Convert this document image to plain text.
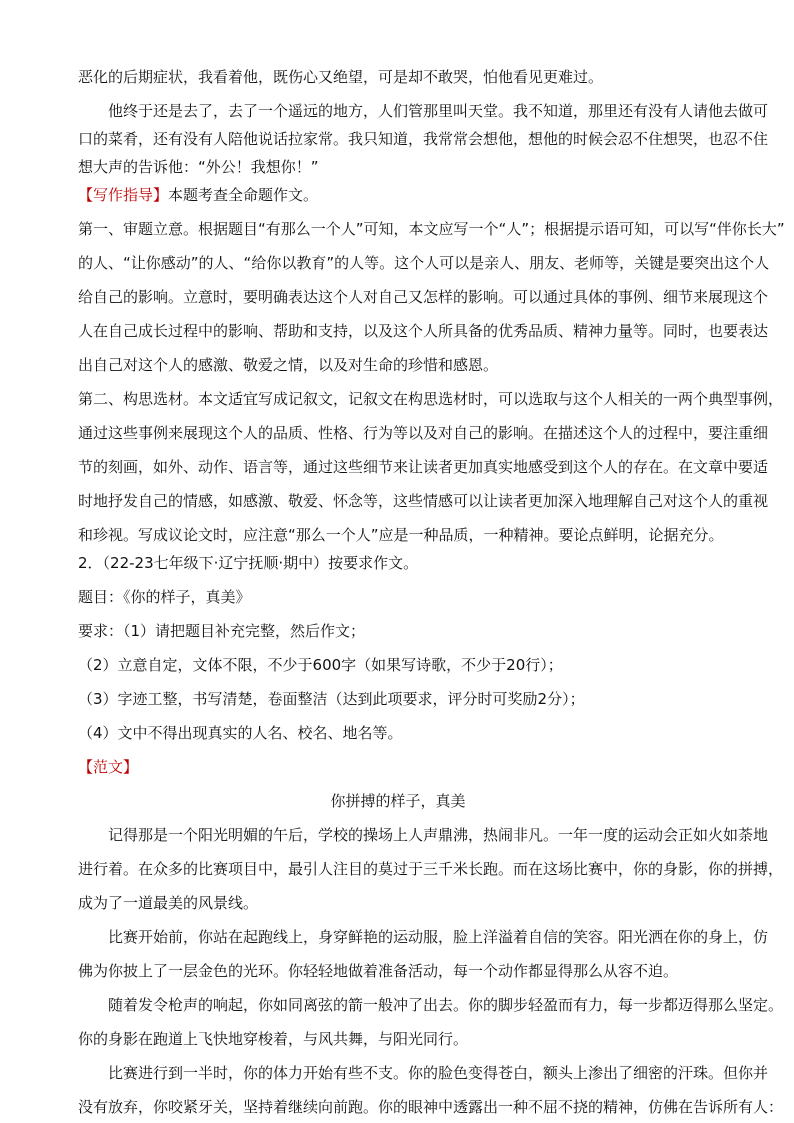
恶化的后期症状，我看着他，既伤心又绝望，可是却不敢哭，怕他看见更难过。
他终于还是去了，去了一个遥远的地方，人们管那里叫天堂。我不知道，那里还有没有人请他去做可
口的菜肴，还有没有人陪他说话拉家常。我只知道，我常常会想他，想他的时候会忍不住想哭，也忍不住
想大声的告诉他：“外公！我想你！”
【写作指导】本题考查全命题作文。
第一、审题立意。根据题目“有那么一个人”可知，本文应写一个“人”；根据提示语可知，可以写“伴你长大”
的人、“让你感动”的人、“给你以教育”的人等。这个人可以是亲人、朋友、老师等，关键是要突出这个人
给自己的影响。立意时，要明确表达这个人对自己又怎样的影响。可以通过具体的事例、细节来展现这个
人在自己成长过程中的影响、帮助和支持，以及这个人所具备的优秀品质、精神力量等。同时，也要表达
出自己对这个人的感激、敬爱之情，以及对生命的珍惜和感恩。
第二、构思选材。本文适宜写成记叙文，记叙文在构思选材时，可以选取与这个人相关的一两个典型事例，
通过这些事例来展现这个人的品质、性格、行为等以及对自己的影响。在描述这个人的过程中，要注重细
节的刻画，如外、动作、语言等，通过这些细节来让读者更加真实地感受到这个人的存在。在文章中要适
时地抒发自己的情感，如感激、敬爱、怀念等，这些情感可以让读者更加深入地理解自己对这个人的重视
和珍视。写成议论文时，应注意“那么一个人”应是一种品质，一种精神。要论点鲜明，论据充分。
2．（22-23七年级下·辽宁抚顺·期中）按要求作文。
题目：《你的样子，真美》
要求：（1）请把题目补充完整，然后作文；
（2）立意自定，文体不限，不少于600字（如果写诗歌，不少于20行）；
（3）字迹工整，书写清楚，卷面整洁（达到此项要求，评分时可奖励2分）；
（4）文中不得出现真实的人名、校名、地名等。
【范文】
你拼搏的样子，真美
记得那是一个阳光明媚的午后，学校的操场上人声鼎沸，热闹非凡。一年一度的运动会正如火如荼地
进行着。在众多的比赛项目中，最引人注目的莫过于三千米长跑。而在这场比赛中，你的身影，你的拼搏，
成为了一道最美的风景线。
比赛开始前，你站在起跑线上，身穿鲜艳的运动服，脸上洋溢着自信的笑容。阳光洒在你的身上，仿
佛为你披上了一层金色的光环。你轻轻地做着准备活动，每一个动作都显得那么从容不迫。
随着发令枪声的响起，你如同离弦的箭一般冲了出去。你的脚步轻盈而有力，每一步都迈得那么坚定。
你的身影在跑道上飞快地穿梭着，与风共舞，与阳光同行。
比赛进行到一半时，你的体力开始有些不支。你的脸色变得苍白，额头上渗出了细密的汗珠。但你并
没有放弃，你咬紧牙关，坚持着继续向前跑。你的眼神中透露出一种不屈不挠的精神，仿佛在告诉所有人：
